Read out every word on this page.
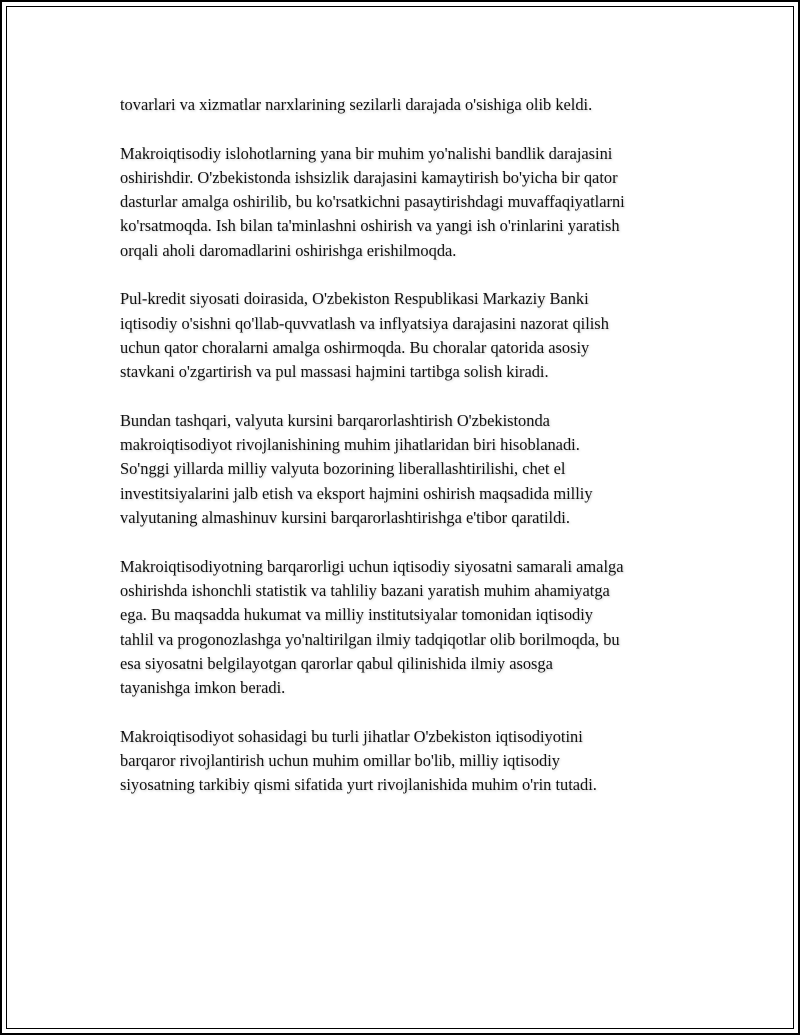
tovarlari va xizmatlar narxlarining sezilarli darajada o'sishiga olib keldi.

Makroiqtisodiy islohotlarning yana bir muhim yo'nalishi bandlik darajasini
oshirishdir. O'zbekistonda ishsizlik darajasini kamaytirish bo'yicha bir qator
dasturlar amalga oshirilib, bu ko'rsatkichni pasaytirishdagi muvaffaqiyatlarni
ko'rsatmoqda. Ish bilan ta'minlashni oshirish va yangi ish o'rinlarini yaratish
orqali aholi daromadlarini oshirishga erishilmoqda.

Pul-kredit siyosati doirasida, O'zbekiston Respublikasi Markaziy Banki
iqtisodiy o'sishni qo'llab-quvvatlash va inflyatsiya darajasini nazorat qilish
uchun qator choralarni amalga oshirmoqda. Bu choralar qatorida asosiy
stavkani o'zgartirish va pul massasi hajmini tartibga solish kiradi.

Bundan tashqari, valyuta kursini barqarorlashtirish O'zbekistonda
makroiqtisodiyot rivojlanishining muhim jihatlaridan biri hisoblanadi.
So'nggi yillarda milliy valyuta bozorining liberallashtirilishi, chet el
investitsiyalarini jalb etish va eksport hajmini oshirish maqsadida milliy
valyutaning almashinuv kursini barqarorlashtirishga e'tibor qaratildi.

Makroiqtisodiyotning barqarorligi uchun iqtisodiy siyosatni samarali amalga
oshirishda ishonchli statistik va tahliliy bazani yaratish muhim ahamiyatga
ega. Bu maqsadda hukumat va milliy institutsiyalar tomonidan iqtisodiy
tahlil va progonozlashga yo'naltirilgan ilmiy tadqiqotlar olib borilmoqda, bu
esa siyosatni belgilayotgan qarorlar qabul qilinishida ilmiy asosga
tayanishga imkon beradi.

Makroiqtisodiyot sohasidagi bu turli jihatlar O'zbekiston iqtisodiyotini
barqaror rivojlantirish uchun muhim omillar bo'lib, milliy iqtisodiy
siyosatning tarkibiy qismi sifatida yurt rivojlanishida muhim o'rin tutadi.
